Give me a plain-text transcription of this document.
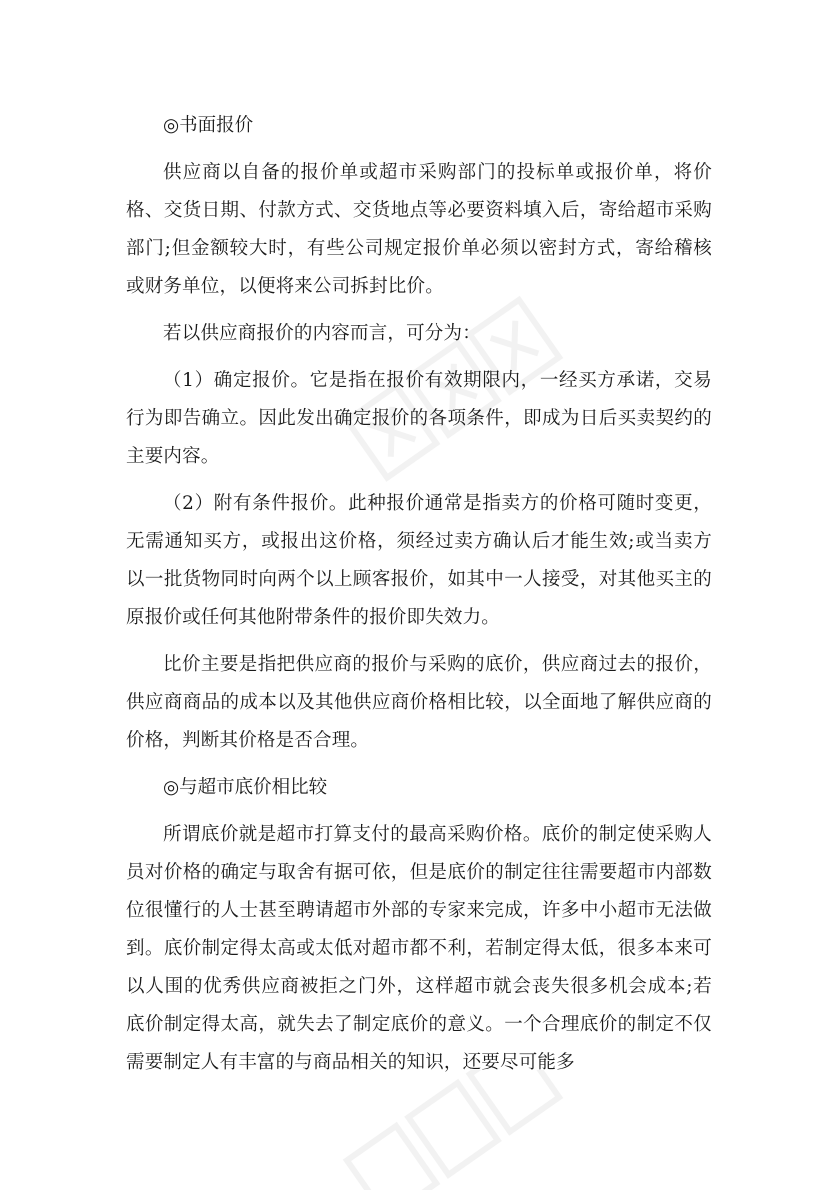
◎书面报价

供应商以自备的报价单或超市采购部门的投标单或报价单，将价格、交货日期、付款方式、交货地点等必要资料填入后，寄给超市采购部门;但金额较大时，有些公司规定报价单必须以密封方式，寄给稽核或财务单位，以便将来公司拆封比价。

若以供应商报价的内容而言，可分为：

（1）确定报价。它是指在报价有效期限内，一经买方承诺，交易行为即告确立。因此发出确定报价的各项条件，即成为日后买卖契约的主要内容。

（2）附有条件报价。此种报价通常是指卖方的价格可随时变更，无需通知买方，或报出这价格，须经过卖方确认后才能生效;或当卖方以一批货物同时向两个以上顾客报价，如其中一人接受，对其他买主的原报价或任何其他附带条件的报价即失效力。

比价主要是指把供应商的报价与采购的底价，供应商过去的报价，供应商商品的成本以及其他供应商价格相比较，以全面地了解供应商的价格，判断其价格是否合理。

◎与超市底价相比较

所谓底价就是超市打算支付的最高采购价格。底价的制定使采购人员对价格的确定与取舍有据可依，但是底价的制定往往需要超市内部数位很懂行的人士甚至聘请超市外部的专家来完成，许多中小超市无法做到。底价制定得太高或太低对超市都不利，若制定得太低，很多本来可以人围的优秀供应商被拒之门外，这样超市就会丧失很多机会成本;若底价制定得太高，就失去了制定底价的意义。一个合理底价的制定不仅需要制定人有丰富的与商品相关的知识，还要尽可能多
